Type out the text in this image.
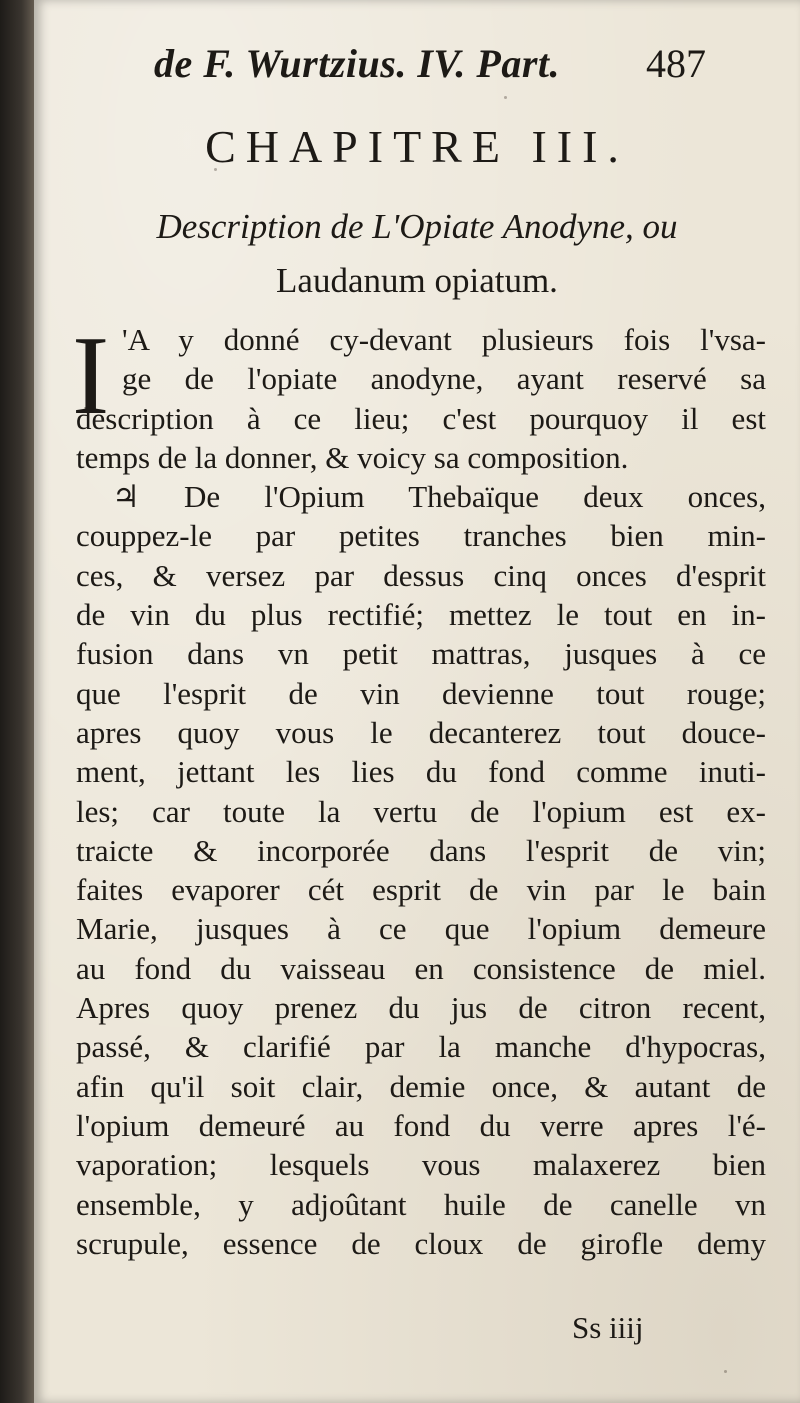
de F. Wurtzius. IV. Part. 487
CHAPITRE III.
Description de L'Opiate Anodyne, ou
Laudanum opiatum.
I 'A y donné cy-devant plusieurs fois l'vsa-
ge de l'opiate anodyne, ayant reservé sa
description à ce lieu; c'est pourquoy il est
temps de la donner, & voicy sa composition.
♃ De l'Opium Thebaïque deux onces,
couppez-le par petites tranches bien min-
ces, & versez par dessus cinq onces d'esprit
de vin du plus rectifié; mettez le tout en in-
fusion dans vn petit mattras, jusques à ce
que l'esprit de vin devienne tout rouge;
apres quoy vous le decanterez tout douce-
ment, jettant les lies du fond comme inuti-
les; car toute la vertu de l'opium est ex-
traicte & incorporée dans l'esprit de vin;
faites evaporer cét esprit de vin par le bain
Marie, jusques à ce que l'opium demeure
au fond du vaisseau en consistence de miel.
Apres quoy prenez du jus de citron recent,
passé, & clarifié par la manche d'hypocras,
afin qu'il soit clair, demie once, & autant de
l'opium demeuré au fond du verre apres l'é-
vaporation; lesquels vous malaxerez bien
ensemble, y adjoûtant huile de canelle vn
scrupule, essence de cloux de girofle demy
Ss iiij
